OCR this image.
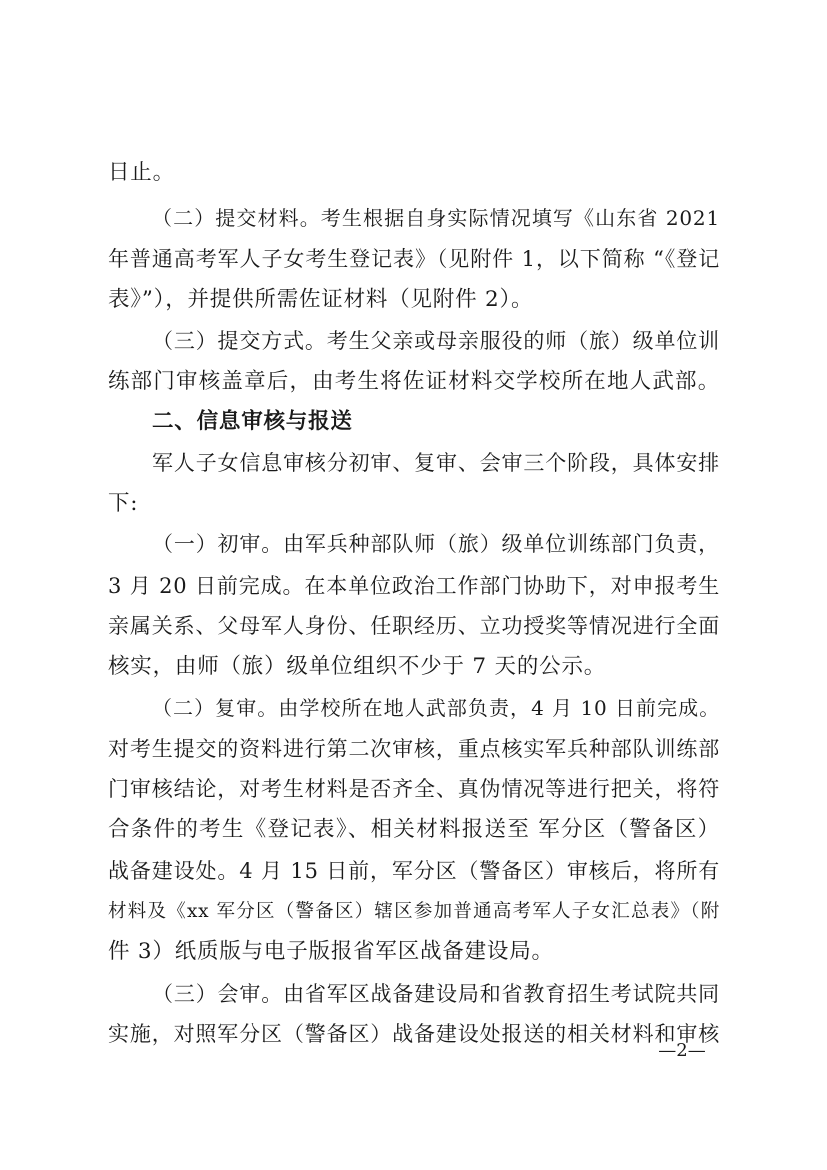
日止。
（二）提交材料。考生根据自身实际情况填写《山东省 2021
年普通高考军人子女考生登记表》（见附件 1，以下简称 “《登记
表》”），并提供所需佐证材料（见附件 2）。
（三）提交方式。考生父亲或母亲服役的师（旅）级单位训
练部门审核盖章后，由考生将佐证材料交学校所在地人武部。
二、信息审核与报送
军人子女信息审核分初审、复审、会审三个阶段，具体安排
下:
（一）初审。由军兵种部队师（旅）级单位训练部门负责，
3 月 20 日前完成。在本单位政治工作部门协助下，对申报考生
亲属关系、父母军人身份、任职经历、立功授奖等情况进行全面
核实，由师（旅）级单位组织不少于 7 天的公示。
（二）复审。由学校所在地人武部负责，4 月 10 日前完成。
对考生提交的资料进行第二次审核，重点核实军兵种部队训练部
门审核结论，对考生材料是否齐全、真伪情况等进行把关，将符
合条件的考生《登记表》、相关材料报送至 军分区（警备区）
战备建设处。4 月 15 日前，军分区（警备区）审核后，将所有
材料及《xx 军分区（警备区）辖区参加普通高考军人子女汇总表》（附
件 3）纸质版与电子版报省军区战备建设局。
（三）会审。由省军区战备建设局和省教育招生考试院共同
实施，对照军分区（警备区）战备建设处报送的相关材料和审核
—2—
